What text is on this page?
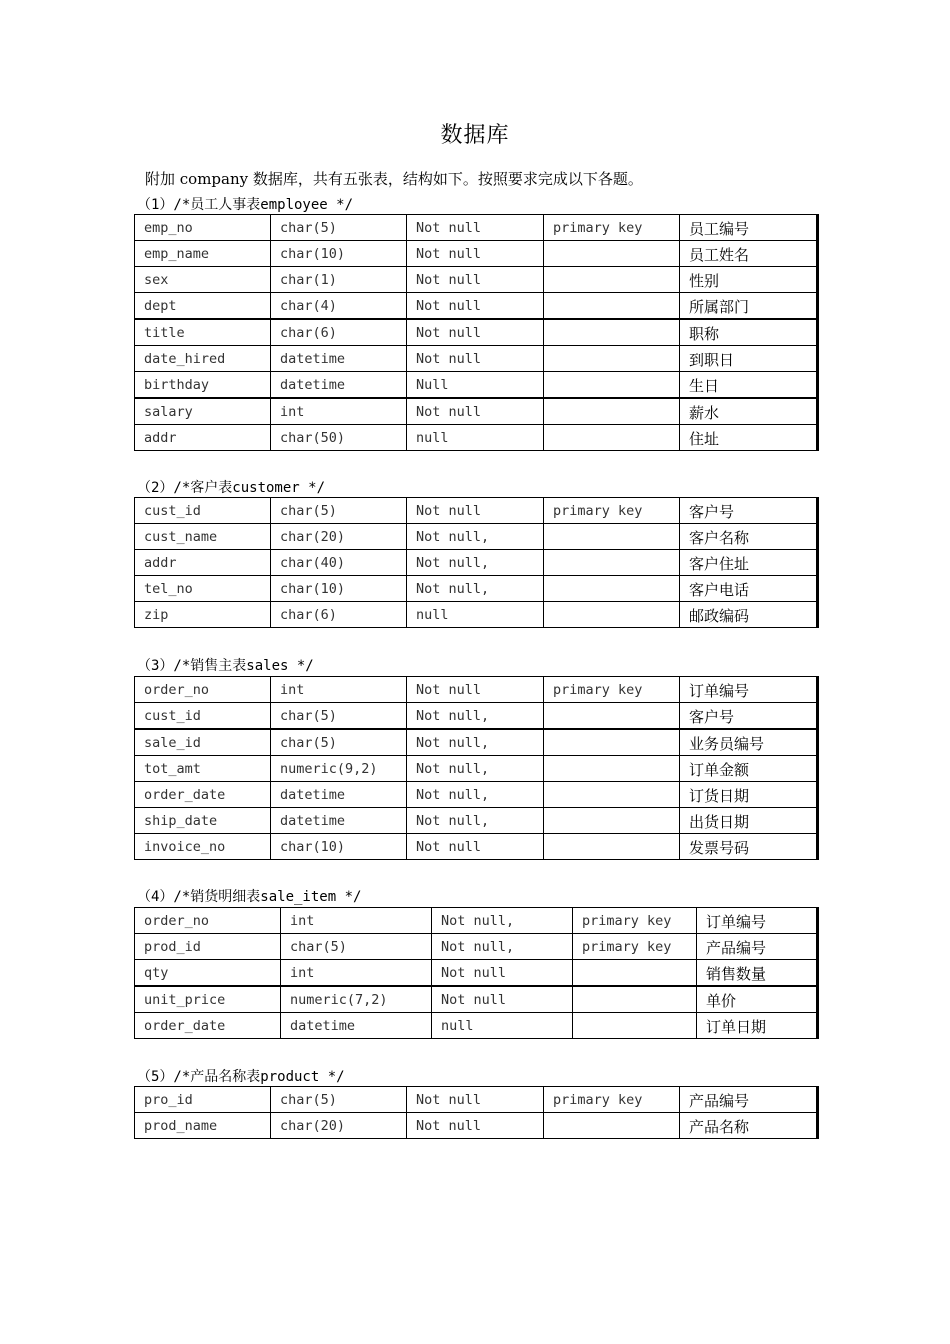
数据库
附加 company 数据库，共有五张表，结构如下。按照要求完成以下各题。
（1）/*员工人事表employee */
emp_no	char(5)	Not null	primary key	员工编号
emp_name	char(10)	Not null		员工姓名
sex	char(1)	Not null		性别
dept	char(4)	Not null		所属部门
title	char(6)	Not null		职称
date_hired	datetime	Not null		到职日
birthday	datetime	Null		生日
salary	int	Not null		薪水
addr	char(50)	null		住址
（2）/*客户表customer */
cust_id	char(5)	Not null	primary key	客户号
cust_name	char(20)	Not null,		客户名称
addr	char(40)	Not null,		客户住址
tel_no	char(10)	Not null,		客户电话
zip	char(6)	null		邮政编码
（3）/*销售主表sales */
order_no	int	Not null	primary key	订单编号
cust_id	char(5)	Not null,		客户号
sale_id	char(5)	Not null,		业务员编号
tot_amt	numeric(9,2)	Not null,		订单金额
order_date	datetime	Not null,		订货日期
ship_date	datetime	Not null,		出货日期
invoice_no	char(10)	Not null		发票号码
（4）/*销货明细表sale_item */
order_no	int	Not null,	primary key	订单编号
prod_id	char(5)	Not null,	primary key	产品编号
qty	int	Not null		销售数量
unit_price	numeric(7,2)	Not null		单价
order_date	datetime	null		订单日期
（5）/*产品名称表product */
pro_id	char(5)	Not null	primary key	产品编号
prod_name	char(20)	Not null		产品名称
